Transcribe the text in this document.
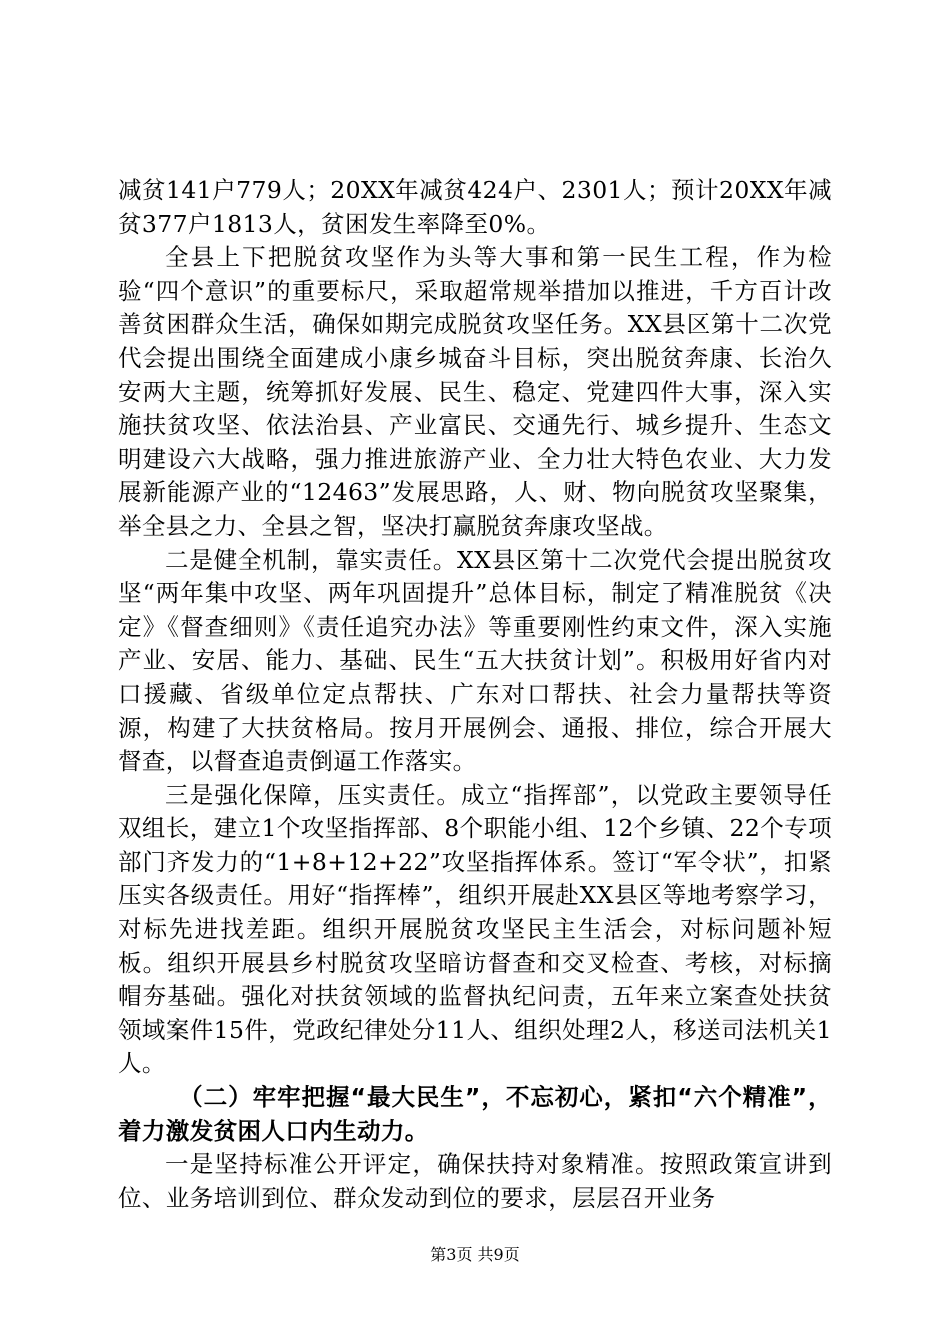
减贫141户779人；20XX年减贫424户、2301人；预计20XX年减贫377户1813人，贫困发生率降至0%。

全县上下把脱贫攻坚作为头等大事和第一民生工程，作为检验“四个意识”的重要标尺，采取超常规举措加以推进，千方百计改善贫困群众生活，确保如期完成脱贫攻坚任务。XX县区第十二次党代会提出围绕全面建成小康乡城奋斗目标，突出脱贫奔康、长治久安两大主题，统筹抓好发展、民生、稳定、党建四件大事，深入实施扶贫攻坚、依法治县、产业富民、交通先行、城乡提升、生态文明建设六大战略，强力推进旅游产业、全力壮大特色农业、大力发展新能源产业的“12463”发展思路，人、财、物向脱贫攻坚聚集，举全县之力、全县之智，坚决打赢脱贫奔康攻坚战。

二是健全机制，靠实责任。XX县区第十二次党代会提出脱贫攻坚“两年集中攻坚、两年巩固提升”总体目标，制定了精准脱贫《决定》《督查细则》《责任追究办法》等重要刚性约束文件，深入实施产业、安居、能力、基础、民生“五大扶贫计划”。积极用好省内对口援藏、省级单位定点帮扶、广东对口帮扶、社会力量帮扶等资源，构建了大扶贫格局。按月开展例会、通报、排位，综合开展大督查，以督查追责倒逼工作落实。

三是强化保障，压实责任。成立“指挥部”，以党政主要领导任双组长，建立1个攻坚指挥部、8个职能小组、12个乡镇、22个专项部门齐发力的“1+8+12+22”攻坚指挥体系。签订“军令状”，扣紧压实各级责任。用好“指挥棒”，组织开展赴XX县区等地考察学习，对标先进找差距。组织开展脱贫攻坚民主生活会，对标问题补短板。组织开展县乡村脱贫攻坚暗访督查和交叉检查、考核，对标摘帽夯基础。强化对扶贫领域的监督执纪问责，五年来立案查处扶贫领域案件15件，党政纪律处分11人、组织处理2人，移送司法机关1人。

（二）牢牢把握“最大民生”，不忘初心，紧扣“六个精准”，着力激发贫困人口内生动力。

一是坚持标准公开评定，确保扶持对象精准。按照政策宣讲到位、业务培训到位、群众发动到位的要求，层层召开业务

第3页 共9页
